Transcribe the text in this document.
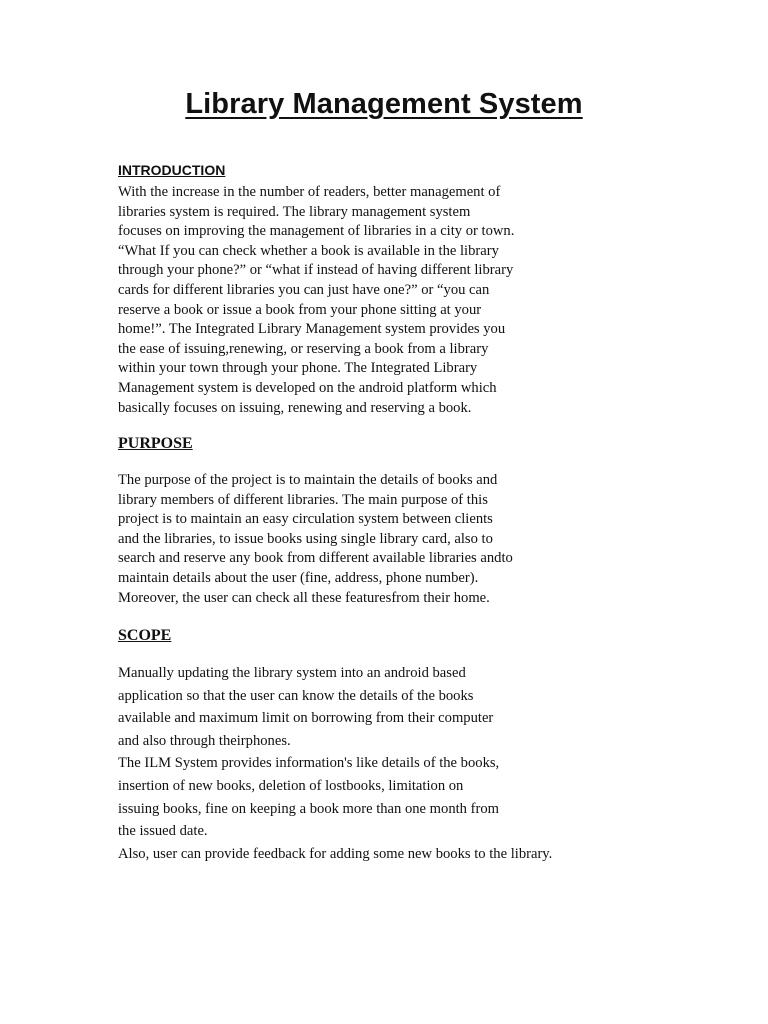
Library Management System
INTRODUCTION
With the increase in the number of readers, better management of
libraries system is required. The library management system
focuses on improving the management of libraries in a city or town.
“What If you can check whether a book is available in the library
through your phone?” or “what if instead of having different library
cards for different libraries you can just have one?” or “you can
reserve a book or issue a book from your phone sitting at your
home!”. The Integrated Library Management system provides you
the ease of issuing,renewing, or reserving a book from a library
within your town through your phone. The Integrated Library
Management system is developed on the android platform which
basically focuses on issuing, renewing and reserving a book.
PURPOSE
The purpose of the project is to maintain the details of books and
library members of different libraries. The main purpose of this
project is to maintain an easy circulation system between clients
and the libraries, to issue books using single library card, also to
search and reserve any book from different available libraries andto
maintain details about the user (fine, address, phone number).
Moreover, the user can check all these featuresfrom their home.
SCOPE
Manually updating the library system into an android based
application so that the user can know the details of the books
available and maximum limit on borrowing from their computer
and also through theirphones.
The ILM System provides information's like details of the books,
insertion of new books, deletion of lostbooks, limitation on
issuing books, fine on keeping a book more than one month from
the issued date.
Also, user can provide feedback for adding some new books to the library.
